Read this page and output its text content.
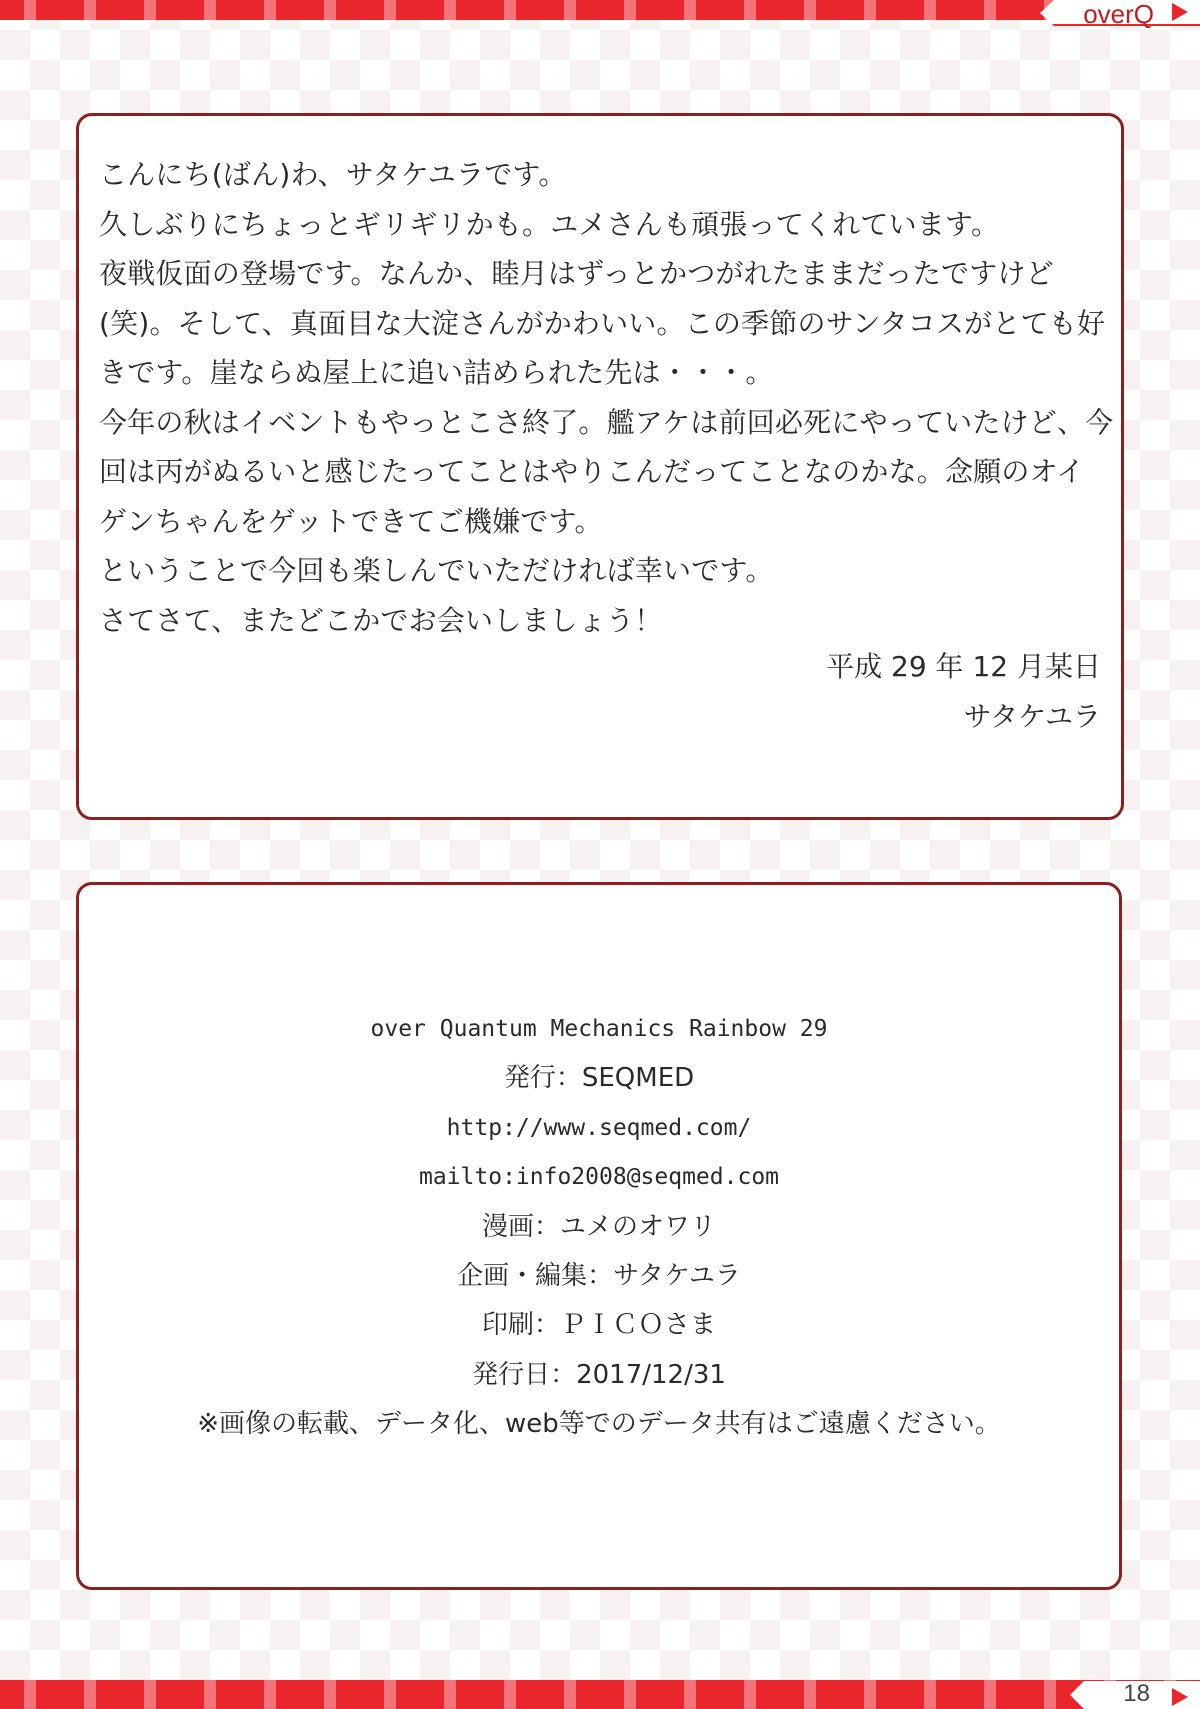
overQ
こんにち(ばん)わ、サタケユラです。
久しぶりにちょっとギリギリかも。ユメさんも頑張ってくれています。
夜戦仮面の登場です。なんか、睦月はずっとかつがれたままだったですけど
(笑)。そして、真面目な大淀さんがかわいい。この季節のサンタコスがとても好
きです。崖ならぬ屋上に追い詰められた先は・・・。
今年の秋はイベントもやっとこさ終了。艦アケは前回必死にやっていたけど、今
回は丙がぬるいと感じたってことはやりこんだってことなのかな。念願のオイ
ゲンちゃんをゲットできてご機嫌です。
ということで今回も楽しんでいただければ幸いです。
さてさて、またどこかでお会いしましょう！
平成 29 年 12 月某日
サタケユラ
over Quantum Mechanics Rainbow 29
発行：SEQMED
http://www.seqmed.com/
mailto:info2008@seqmed.com
漫画：ユメのオワリ
企画・編集：サタケユラ
印刷：ＰＩＣＯさま
発行日：2017/12/31
※画像の転載、データ化、web等でのデータ共有はご遠慮ください。
18
